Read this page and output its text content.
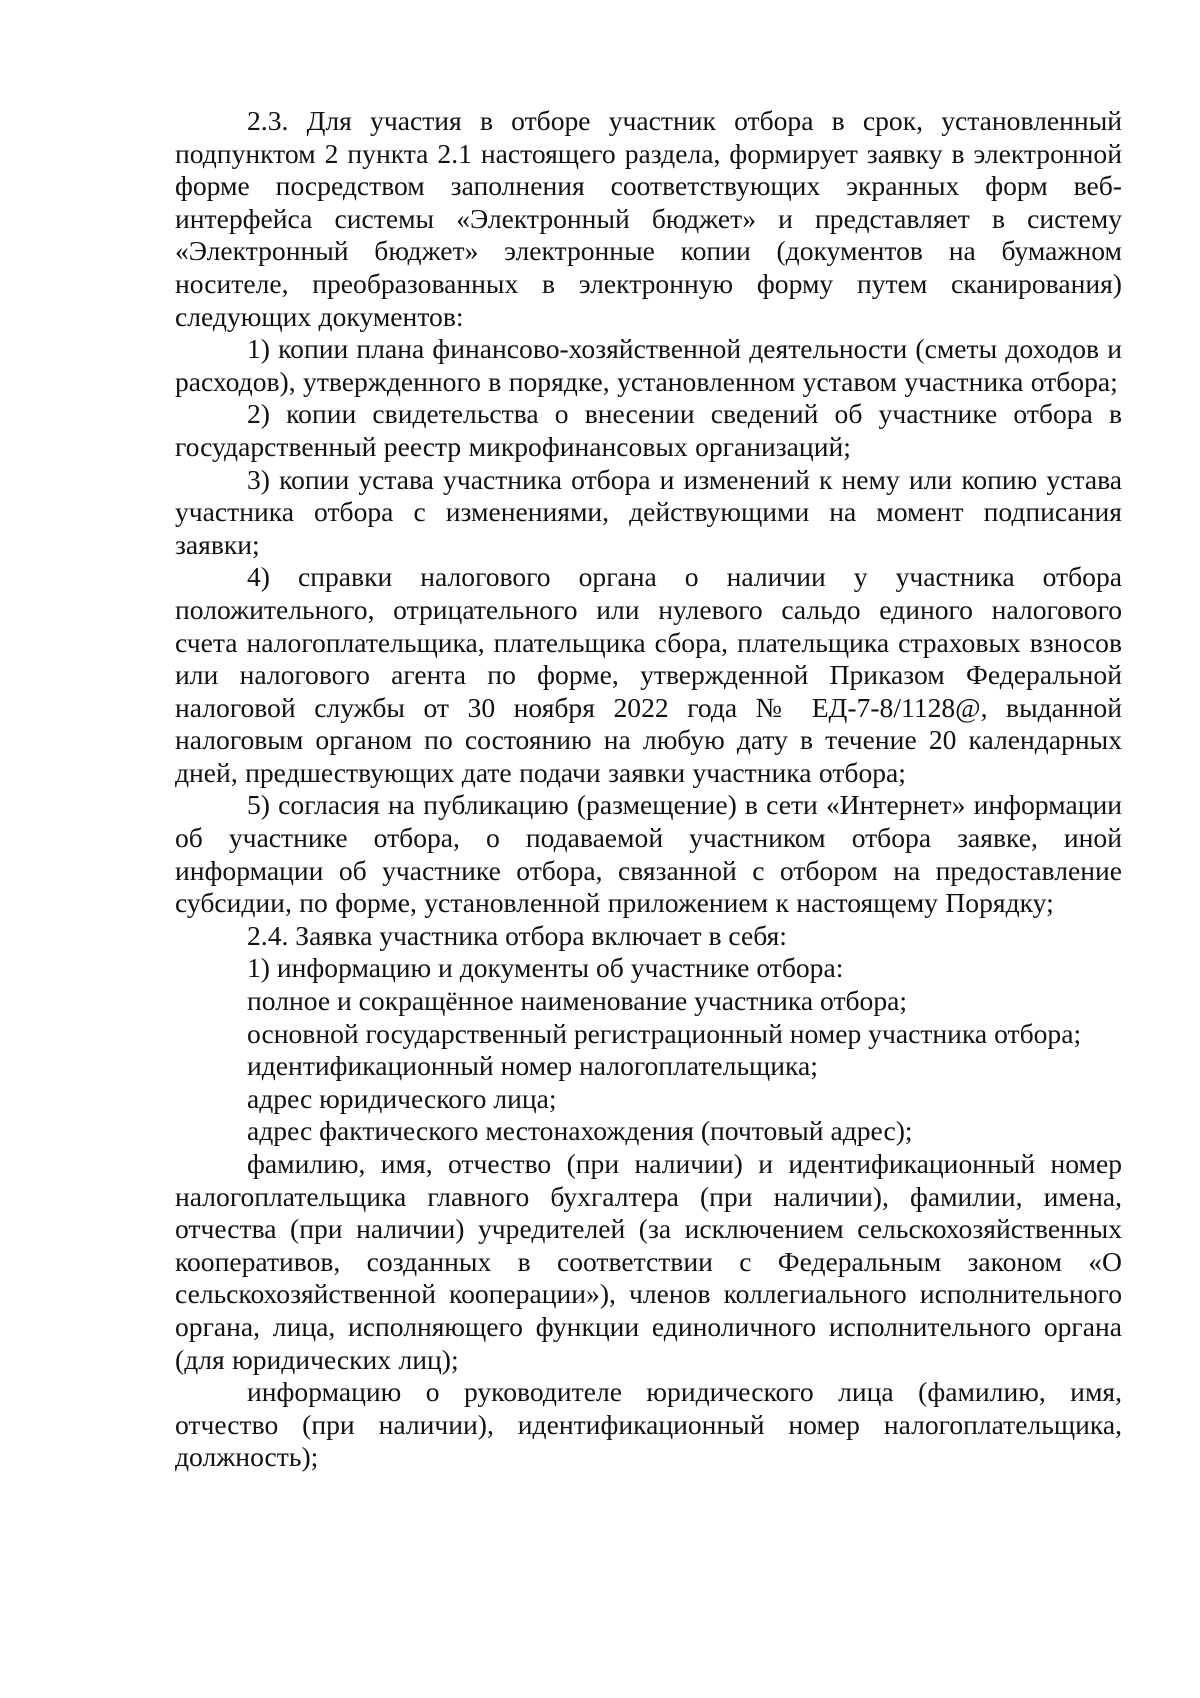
2.3. Для участия в отборе участник отбора в срок, установленный подпунктом 2 пункта 2.1 настоящего раздела, формирует заявку в электронной форме посредством заполнения соответствующих экранных форм веб-интерфейса системы «Электронный бюджет» и представляет в систему «Электронный бюджет» электронные копии (документов на бумажном носителе, преобразованных в электронную форму путем сканирования) следующих документов:

1) копии плана финансово-хозяйственной деятельности (сметы доходов и расходов), утвержденного в порядке, установленном уставом участника отбора;

2) копии свидетельства о внесении сведений об участнике отбора в государственный реестр микрофинансовых организаций;

3) копии устава участника отбора и изменений к нему или копию устава участника отбора с изменениями, действующими на момент подписания заявки;

4) справки налогового органа о наличии у участника отбора положительного, отрицательного или нулевого сальдо единого налогового счета налогоплательщика, плательщика сбора, плательщика страховых взносов или налогового агента по форме, утвержденной Приказом Федеральной налоговой службы от 30 ноября 2022 года № ЕД-7-8/1128@, выданной налоговым органом по состоянию на любую дату в течение 20 календарных дней, предшествующих дате подачи заявки участника отбора;

5) согласия на публикацию (размещение) в сети «Интернет» информации об участнике отбора, о подаваемой участником отбора заявке, иной информации об участнике отбора, связанной с отбором на предоставление субсидии, по форме, установленной приложением к настоящему Порядку;

2.4. Заявка участника отбора включает в себя:

1) информацию и документы об участнике отбора:

полное и сокращённое наименование участника отбора;

основной государственный регистрационный номер участника отбора;

идентификационный номер налогоплательщика;

адрес юридического лица;

адрес фактического местонахождения (почтовый адрес);

фамилию, имя, отчество (при наличии) и идентификационный номер налогоплательщика главного бухгалтера (при наличии), фамилии, имена, отчества (при наличии) учредителей (за исключением сельскохозяйственных кооперативов, созданных в соответствии с Федеральным законом «О сельскохозяйственной кооперации»), членов коллегиального исполнительного органа, лица, исполняющего функции единоличного исполнительного органа (для юридических лиц);

информацию о руководителе юридического лица (фамилию, имя, отчество (при наличии), идентификационный номер налогоплательщика, должность);
